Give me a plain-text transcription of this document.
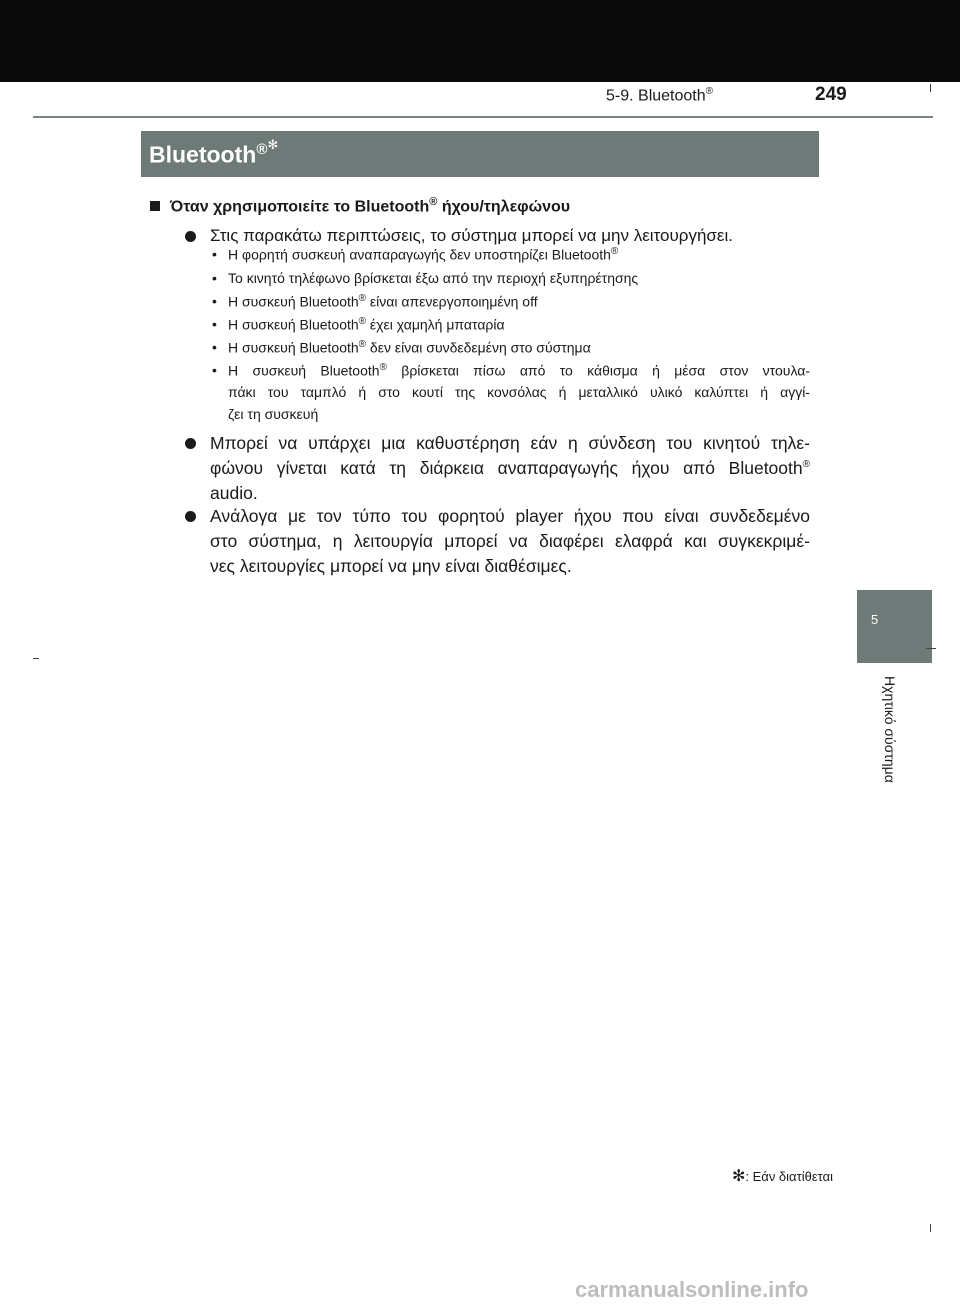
5-9. Bluetooth®	249
Bluetooth®✻
Όταν χρησιμοποιείτε το Bluetooth® ήχου/τηλεφώνου
Στις παρακάτω περιπτώσεις, το σύστημα μπορεί να μην λειτουργήσει.
• Η φορητή συσκευή αναπαραγωγής δεν υποστηρίζει Bluetooth®
• Το κινητό τηλέφωνο βρίσκεται έξω από την περιοχή εξυπηρέτησης
• Η συσκευή Bluetooth® είναι απενεργοποιημένη off
• Η συσκευή Bluetooth® έχει χαμηλή μπαταρία
• Η συσκευή Bluetooth® δεν είναι συνδεδεμένη στο σύστημα
• Η συσκευή Bluetooth® βρίσκεται πίσω από το κάθισμα ή μέσα στον ντουλα-
πάκι του ταμπλό ή στο κουτί της κονσόλας ή μεταλλικό υλικό καλύπτει ή αγγί-
ζει τη συσκευή
Μπορεί να υπάρχει μια καθυστέρηση εάν η σύνδεση του κινητού τηλε-
φώνου γίνεται κατά τη διάρκεια αναπαραγωγής ήχου από Bluetooth®
audio.
Ανάλογα με τον τύπο του φορητού player ήχου που είναι συνδεδεμένο
στο σύστημα, η λειτουργία μπορεί να διαφέρει ελαφρά και συγκεκριμέ-
νες λειτουργίες μπορεί να μην είναι διαθέσιμες.
5
Ηχητικό σύστημα
✻: Εάν διατίθεται
carmanualsonline.info
